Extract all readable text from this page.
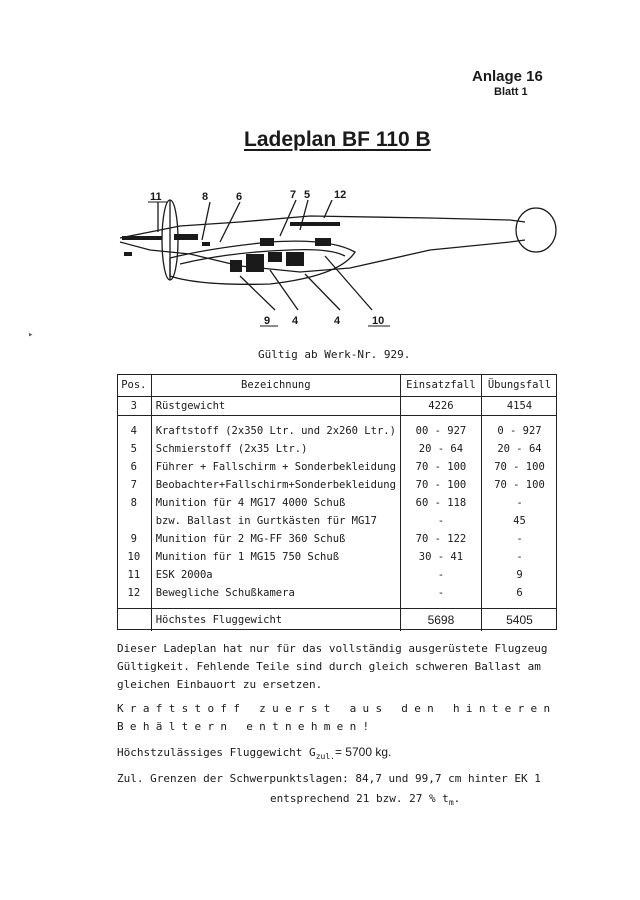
Anlage 16
Blatt 1
Ladeplan BF 110 B
11	8	6	7 5 12
9 4	4	10
▸
Gültig ab Werk-Nr. 929.
Pos.	Bezeichnung	Einsatzfall	Übungsfall
3	Rüstgewicht	4226	4154

4	Kraftstoff (2x350 Ltr. und 2x260 Ltr.)	00 - 927	0 - 927
5	Schmierstoff (2x35 Ltr.)	20 - 64	20 - 64
6	Führer + Fallschirm + Sonderbekleidung	70 - 100	70 - 100
7	Beobachter+Fallschirm+Sonderbekleidung	70 - 100	70 - 100
8	Munition für 4 MG17 4000 Schuß	60 - 118	-
	bzw. Ballast in Gurtkästen für MG17	-	45
9	Munition für 2 MG-FF 360 Schuß	70 - 122	-
10	Munition für 1 MG15 750 Schuß	30 - 41	-
11	ESK 2000a	-	9
12	Bewegliche Schußkamera	-	6

	Höchstes Fluggewicht	5698	5405
Dieser Ladeplan hat nur für das vollständig ausgerüstete Flugzeug
Gültigkeit. Fehlende Teile sind durch gleich schweren Ballast am
gleichen Einbauort zu ersetzen.
Kraftstoff zuerst aus den hinteren
Behältern entnehmen!
Höchstzulässiges Fluggewicht $G_{zul.}= 5700$ kg.
Zul. Grenzen der Schwerpunktslagen: 84,7 und 99,7 cm hinter EK 1
entsprechend 21 bzw. 27 % $t_m$.
